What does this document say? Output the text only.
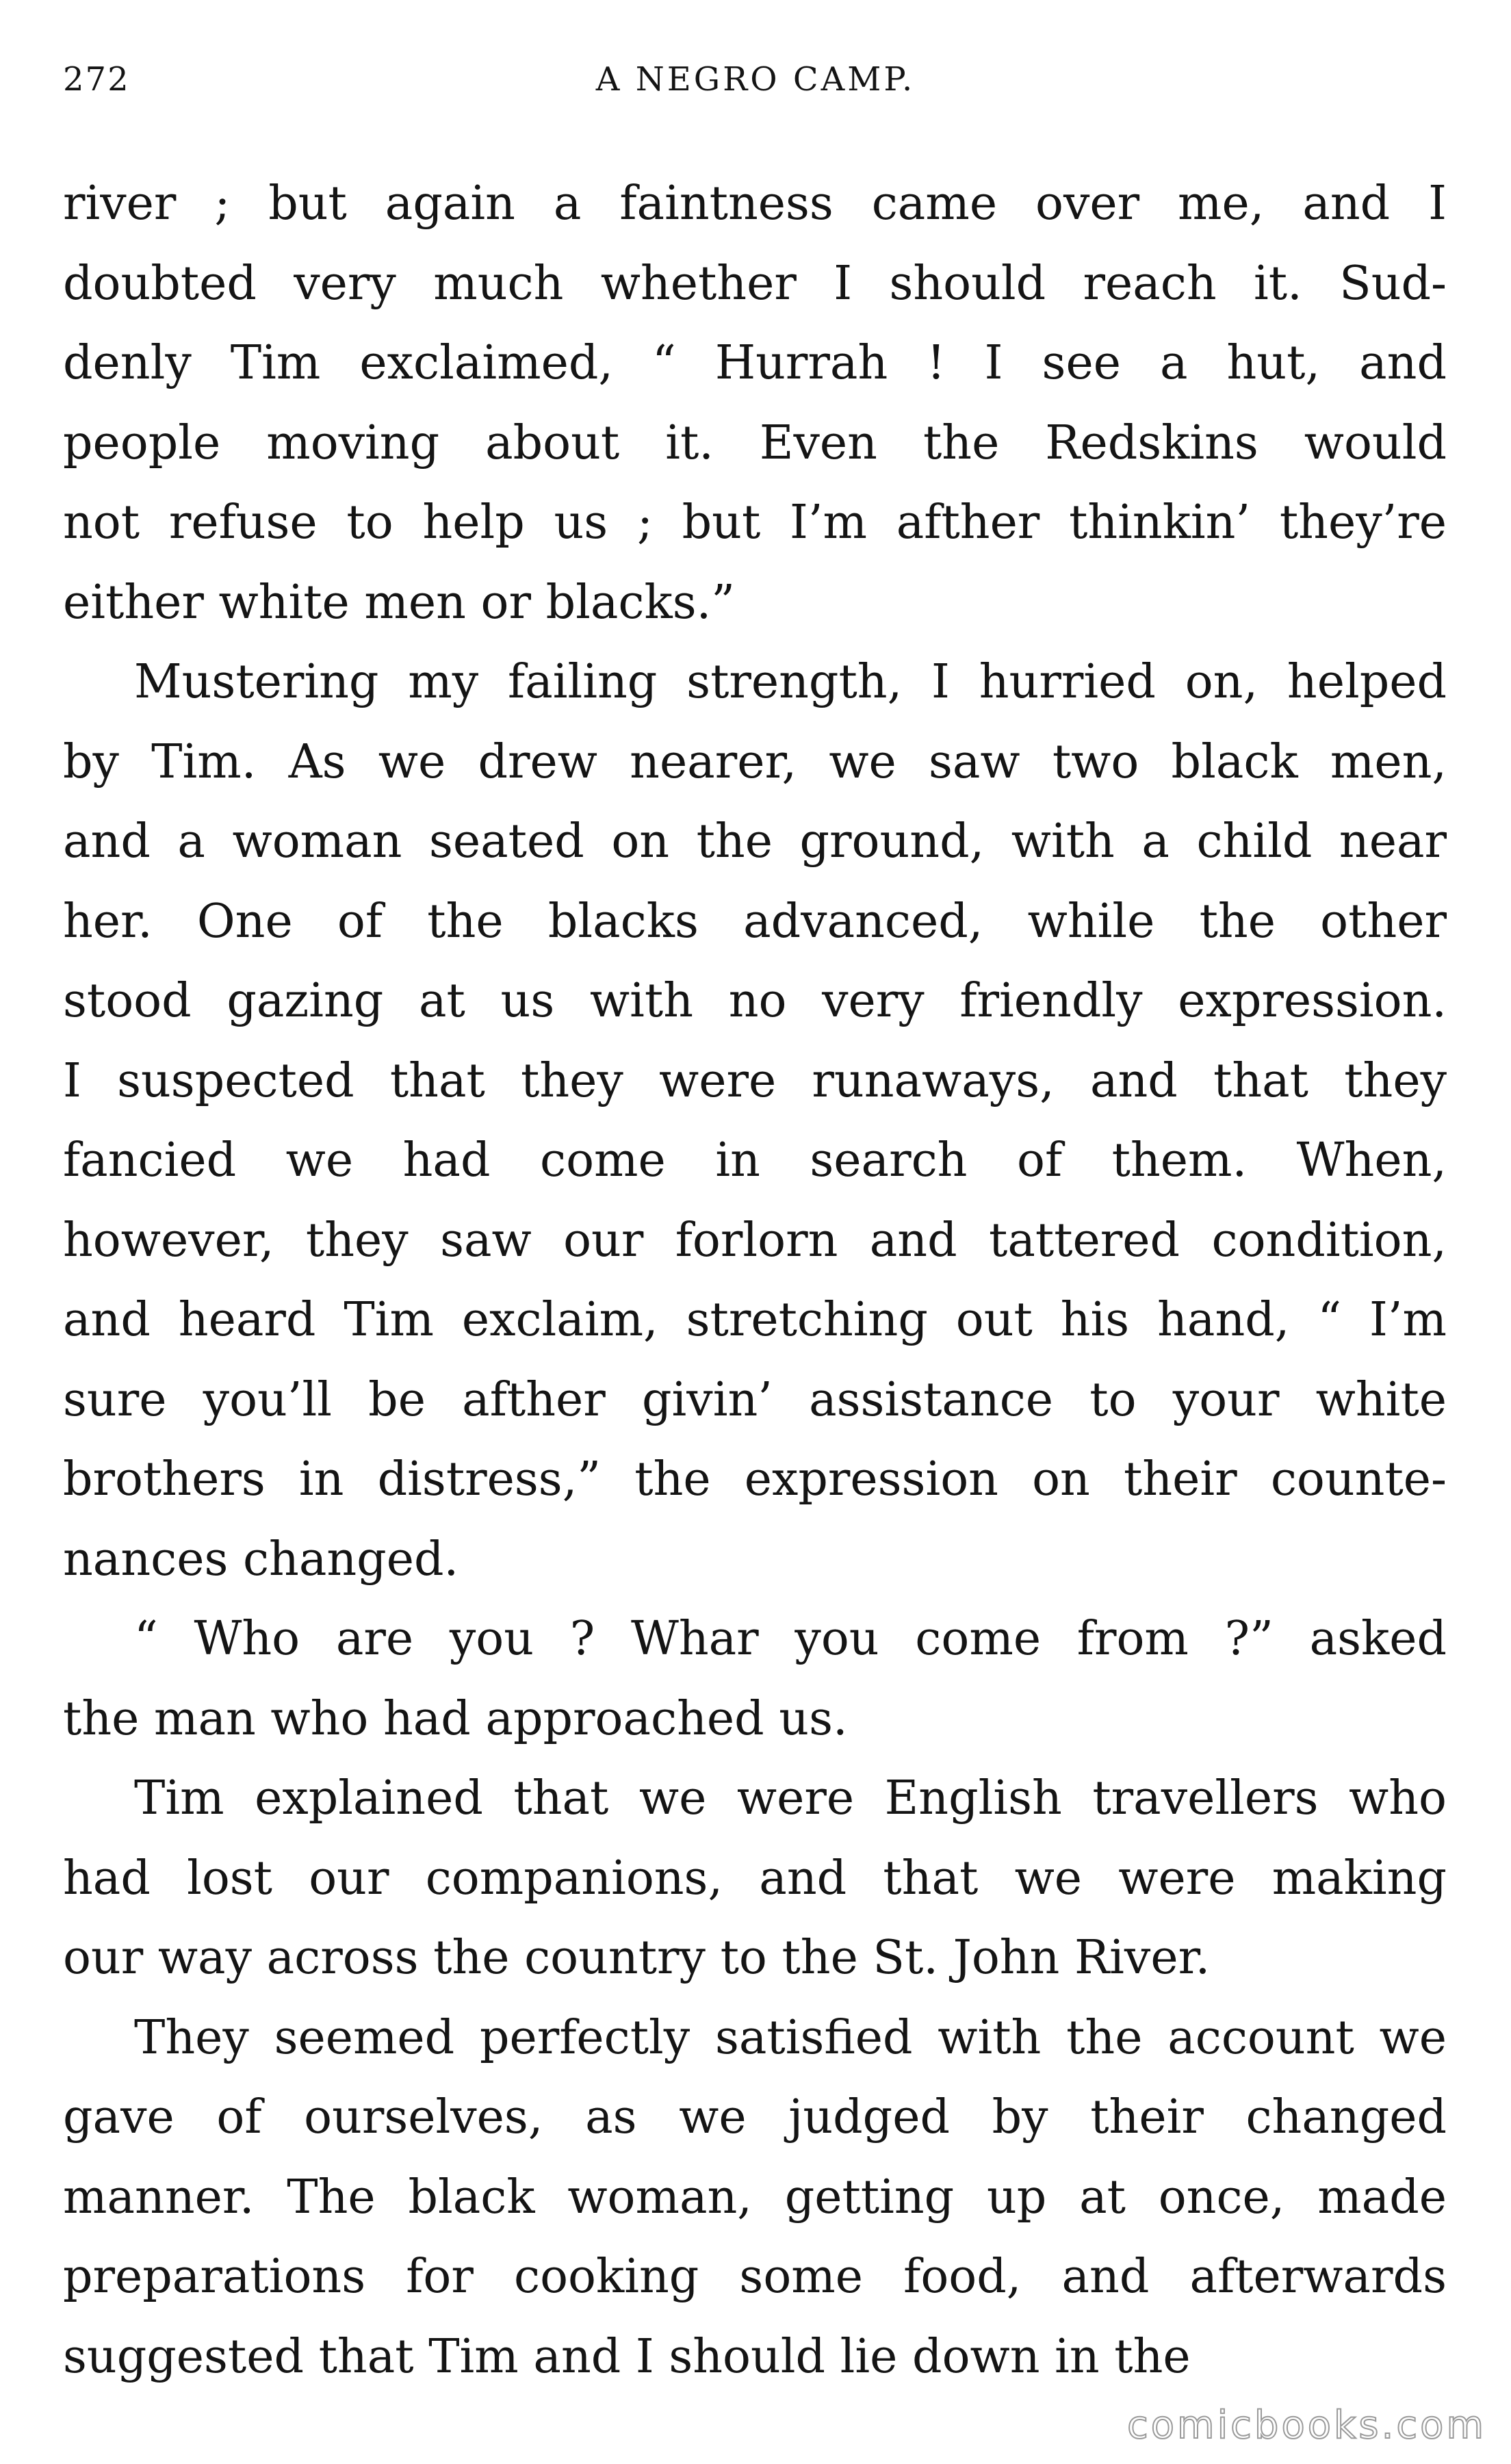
272	A NEGRO CAMP.
river ; but again a faintness came over me, and I
doubted very much whether I should reach it. Sud-
denly Tim exclaimed, “ Hurrah ! I see a hut, and
people moving about it. Even the Redskins would
not refuse to help us ; but I’m afther thinkin’ they’re
either white men or blacks.”
Mustering my failing strength, I hurried on, helped
by Tim. As we drew nearer, we saw two black men,
and a woman seated on the ground, with a child near
her. One of the blacks advanced, while the other
stood gazing at us with no very friendly expression.
I suspected that they were runaways, and that they
fancied we had come in search of them. When,
however, they saw our forlorn and tattered condition,
and heard Tim exclaim, stretching out his hand, “ I’m
sure you’ll be afther givin’ assistance to your white
brothers in distress,” the expression on their counte-
nances changed.
“ Who are you ? Whar you come from ?” asked
the man who had approached us.
Tim explained that we were English travellers who
had lost our companions, and that we were making
our way across the country to the St. John River.
They seemed perfectly satisfied with the account we
gave of ourselves, as we judged by their changed
manner. The black woman, getting up at once, made
preparations for cooking some food, and afterwards
suggested that Tim and I should lie down in the
comicbooks.com
